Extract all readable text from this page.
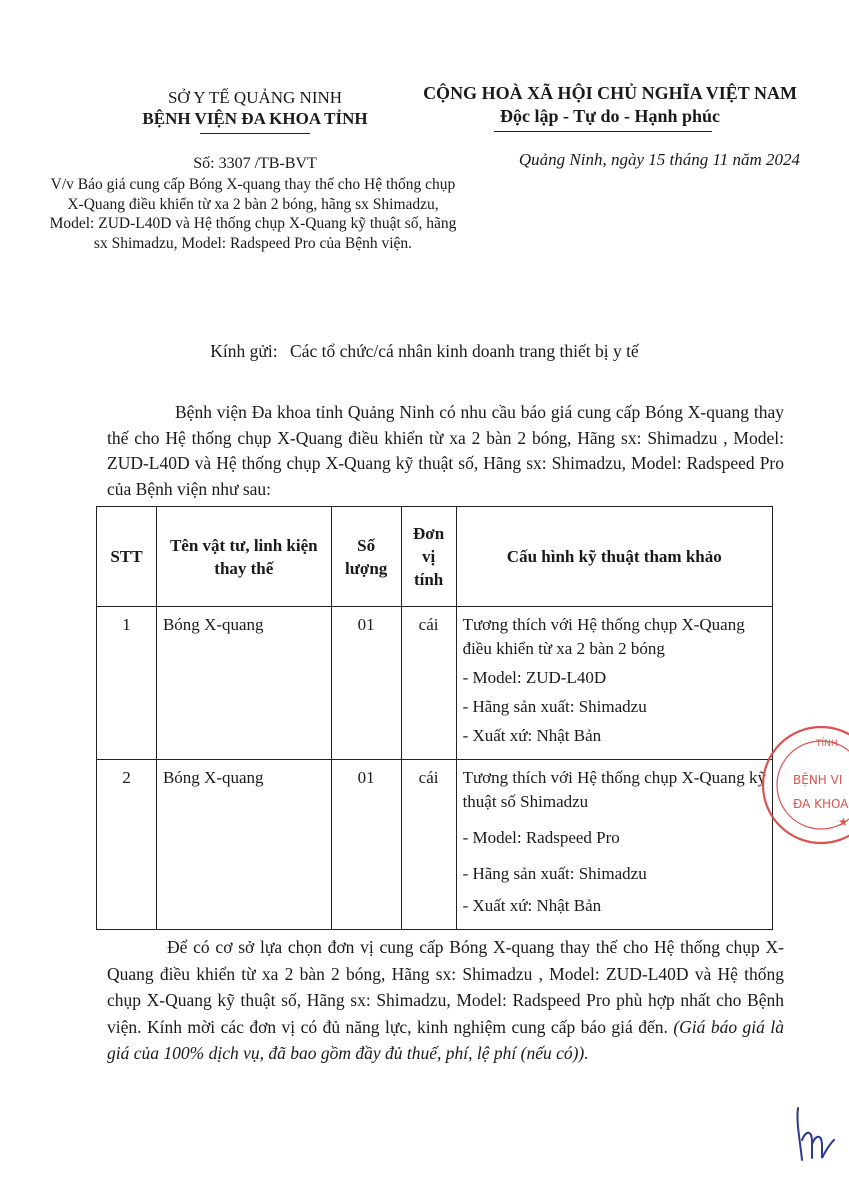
SỞ Y TẾ QUẢNG NINH
BỆNH VIỆN ĐA KHOA TỈNH
CỘNG HOÀ XÃ HỘI CHỦ NGHĨA VIỆT NAM
Độc lập - Tự do - Hạnh phúc
Số: 3307 /TB-BVT
V/v Báo giá cung cấp Bóng X-quang thay thế cho Hệ thống chụp X-Quang điều khiển từ xa 2 bàn 2 bóng, hãng sx Shimadzu, Model: ZUD-L40D và Hệ thống chụp X-Quang kỹ thuật số, hãng sx Shimadzu, Model: Radspeed Pro của Bệnh viện.
Quảng Ninh, ngày 15 tháng 11 năm 2024
Kính gửi: Các tổ chức/cá nhân kinh doanh trang thiết bị y tế
Bệnh viện Đa khoa tỉnh Quảng Ninh có nhu cầu báo giá cung cấp Bóng X-quang thay thế cho Hệ thống chụp X-Quang điều khiển từ xa 2 bàn 2 bóng, Hãng sx: Shimadzu , Model: ZUD-L40D và Hệ thống chụp X-Quang kỹ thuật số, Hãng sx: Shimadzu, Model: Radspeed Pro của Bệnh viện như sau:
STT	Tên vật tư, linh kiện thay thế	Số lượng	Đơn vị tính	Cấu hình kỹ thuật tham khảo
1	Bóng X-quang	01	cái	Tương thích với Hệ thống chụp X-Quang điều khiển từ xa 2 bàn 2 bóng
- Model: ZUD-L40D
- Hãng sản xuất: Shimadzu
- Xuất xứ: Nhật Bản

2	Bóng X-quang	01	cái	Tương thích với Hệ thống chụp X-Quang kỹ thuật số Shimadzu
- Model: Radspeed Pro
- Hãng sản xuất: Shimadzu
- Xuất xứ: Nhật Bản
Để có cơ sở lựa chọn đơn vị cung cấp Bóng X-quang thay thế cho Hệ thống chụp X-Quang điều khiển từ xa 2 bàn 2 bóng, Hãng sx: Shimadzu , Model: ZUD-L40D và Hệ thống chụp X-Quang kỹ thuật số, Hãng sx: Shimadzu, Model: Radspeed Pro phù hợp nhất cho Bệnh viện. Kính mời các đơn vị có đủ năng lực, kinh nghiệm cung cấp báo giá đến. (Giá báo giá là giá của 100% dịch vụ, đã bao gồm đầy đủ thuế, phí, lệ phí (nếu có)).
TỈNH
BỆNH VI
ĐA KHOA
★
